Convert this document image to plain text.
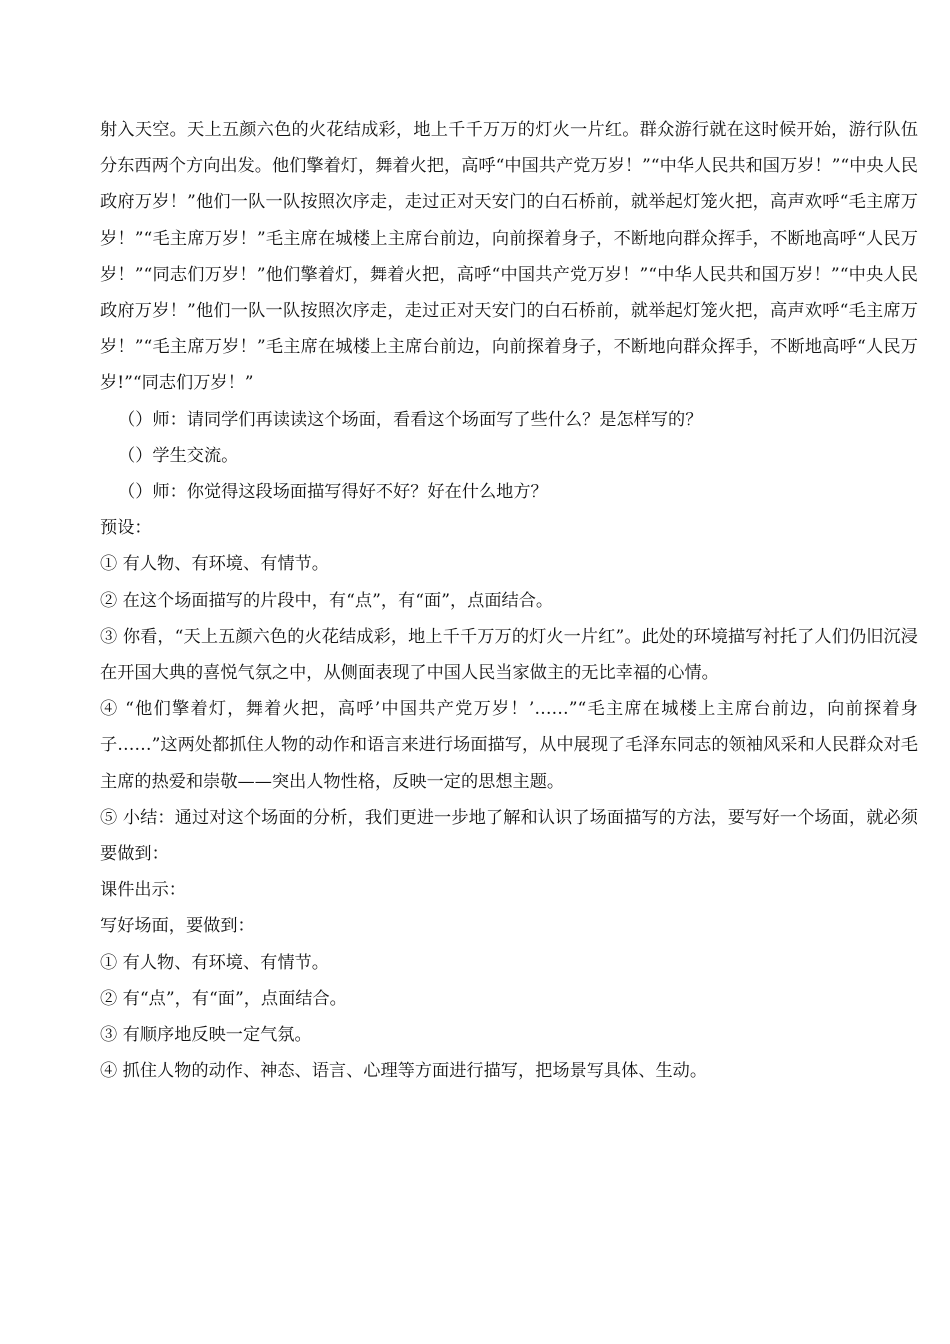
射入天空。天上五颜六色的火花结成彩，地上千千万万的灯火一片红。群众游行就在这时候开始，游行队伍分东西两个方向出发。他们擎着灯，舞着火把，高呼“中国共产党万岁！”“中华人民共和国万岁！”“中央人民政府万岁！”他们一队一队按照次序走，走过正对天安门的白石桥前，就举起灯笼火把，高声欢呼“毛主席万岁！”“毛主席万岁！”毛主席在城楼上主席台前边，向前探着身子，不断地向群众挥手，不断地高呼“人民万岁！”“同志们万岁！”他们擎着灯，舞着火把，高呼“中国共产党万岁！”“中华人民共和国万岁！”“中央人民政府万岁！”他们一队一队按照次序走，走过正对天安门的白石桥前，就举起灯笼火把，高声欢呼“毛主席万岁！”“毛主席万岁！”毛主席在城楼上主席台前边，向前探着身子，不断地向群众挥手，不断地高呼“人民万岁!”“同志们万岁！”

（）师：请同学们再读读这个场面，看看这个场面写了些什么？是怎样写的？

（）学生交流。

（）师：你觉得这段场面描写得好不好？好在什么地方？

预设：

① 有人物、有环境、有情节。

② 在这个场面描写的片段中，有“点”，有“面”，点面结合。

③ 你看，“天上五颜六色的火花结成彩，地上千千万万的灯火一片红”。此处的环境描写衬托了人们仍旧沉浸在开国大典的喜悦气氛之中，从侧面表现了中国人民当家做主的无比幸福的心情。

④ “他们擎着灯，舞着火把，高呼’中国共产党万岁！’……”“毛主席在城楼上主席台前边，向前探着身子……”这两处都抓住人物的动作和语言来进行场面描写，从中展现了毛泽东同志的领袖风采和人民群众对毛主席的热爱和崇敬——突出人物性格，反映一定的思想主题。

⑤ 小结：通过对这个场面的分析，我们更进一步地了解和认识了场面描写的方法，要写好一个场面，就必须要做到：

课件出示：

写好场面，要做到：

① 有人物、有环境、有情节。

② 有“点”，有“面”，点面结合。

③ 有顺序地反映一定气氛。

④ 抓住人物的动作、神态、语言、心理等方面进行描写，把场景写具体、生动。
